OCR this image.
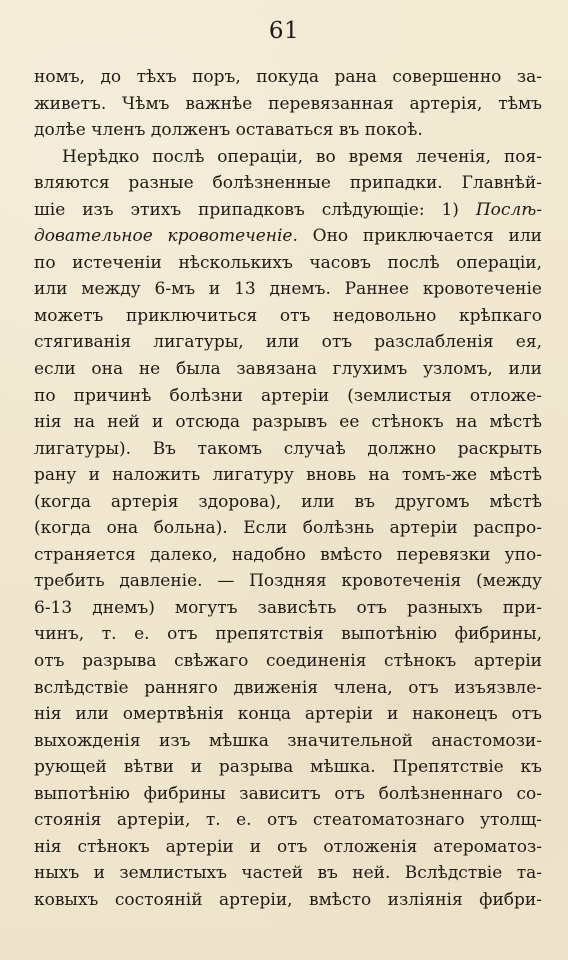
61
номъ, до тѣхъ поръ, покуда рана совершенно за-
живетъ. Чѣмъ важнѣе перевязанная артерія, тѣмъ
долѣе членъ долженъ оставаться въ покоѣ.
Нерѣдко послѣ операціи, во время леченія, поя-
вляются разные болѣзненные припадки. Главнѣй-
шіе изъ этихъ припадковъ слѣдующіе: 1) Послѣ-
довательное кровотеченіе. Оно приключается или
по истеченіи нѣсколькихъ часовъ послѣ операціи,
или между 6-мъ и 13 днемъ. Раннее кровотеченіе
можетъ приключиться отъ недовольно крѣпкаго
стягиванія лигатуры, или отъ разслабленія ея,
если она не была завязана глухимъ узломъ, или
по причинѣ болѣзни артеріи (землистыя отложе-
нія на ней и отсюда разрывъ ее стѣнокъ на мѣстѣ
лигатуры). Въ такомъ случаѣ должно раскрыть
рану и наложить лигатуру вновь на томъ-же мѣстѣ
(когда артерія здорова), или въ другомъ мѣстѣ
(когда она больна). Если болѣзнь артеріи распро-
страняется далеко, надобно вмѣсто перевязки упо-
требить давленіе. — Поздняя кровотеченія (между
6-13 днемъ) могутъ зависѣть отъ разныхъ при-
чинъ, т. е. отъ препятствія выпотѣнію фибрины,
отъ разрыва свѣжаго соединенія стѣнокъ артеріи
вслѣдствіе ранняго движенія члена, отъ изъязвле-
нія или омертвѣнія конца артеріи и наконецъ отъ
выхожденія изъ мѣшка значительной анастомози-
рующей вѣтви и разрыва мѣшка. Препятствіе къ
выпотѣнію фибрины зависитъ отъ болѣзненнаго со-
стоянія артеріи, т. е. отъ стеатоматознаго утолщ-
нія стѣнокъ артеріи и отъ отложенія атероматоз-
ныхъ и землистыхъ частей въ ней. Вслѣдствіе та-
ковыхъ состояній артеріи, вмѣсто изліянія фибри-
